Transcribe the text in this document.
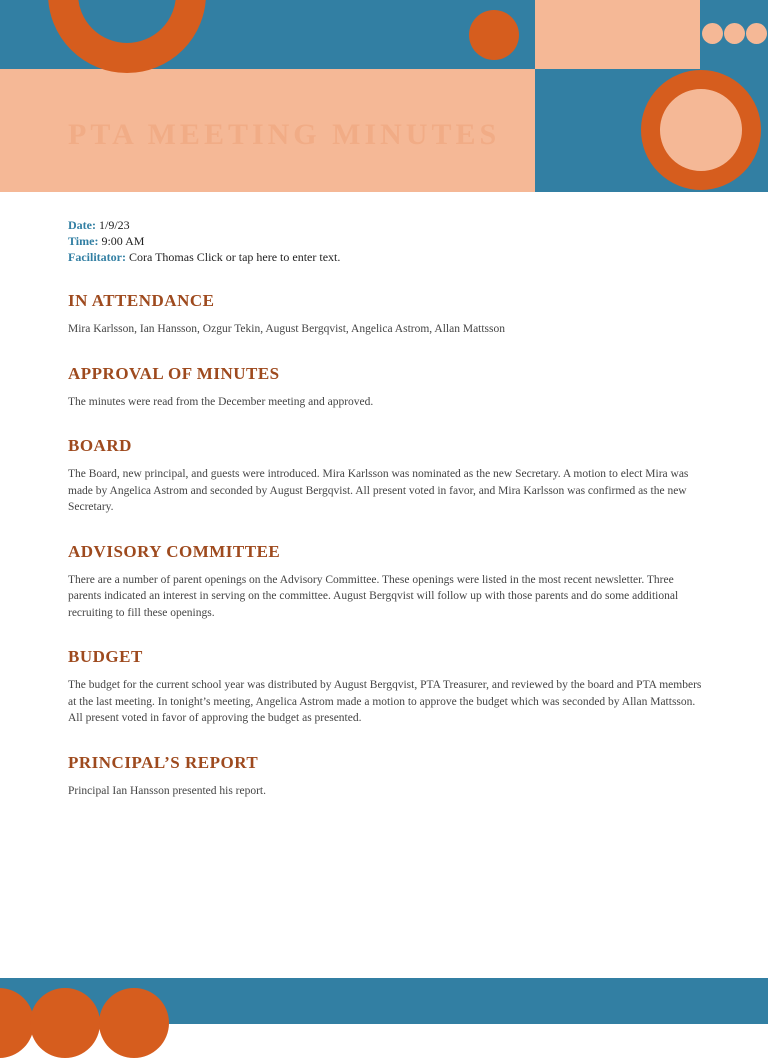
PTA MEETING MINUTES

Date: 1/9/23

Time: 9:00 AM

Facilitator: Cora Thomas Click or tap here to enter text.

IN ATTENDANCE

Mira Karlsson, Ian Hansson, Ozgur Tekin, August Bergqvist, Angelica Astrom, Allan Mattsson

APPROVAL OF MINUTES

The minutes were read from the December meeting and approved.

BOARD

The Board, new principal, and guests were introduced. Mira Karlsson was nominated as the new Secretary. A motion to elect Mira was made by Angelica Astrom and seconded by August Bergqvist. All present voted in favor, and Mira Karlsson was confirmed as the new Secretary.

ADVISORY COMMITTEE

There are a number of parent openings on the Advisory Committee. These openings were listed in the most recent newsletter. Three parents indicated an interest in serving on the committee. August Bergqvist will follow up with those parents and do some additional recruiting to fill these openings.

BUDGET

The budget for the current school year was distributed by August Bergqvist, PTA Treasurer, and reviewed by the board and PTA members at the last meeting. In tonight’s meeting, Angelica Astrom made a motion to approve the budget which was seconded by Allan Mattsson. All present voted in favor of approving the budget as presented.

PRINCIPAL’S REPORT

Principal Ian Hansson presented his report.
